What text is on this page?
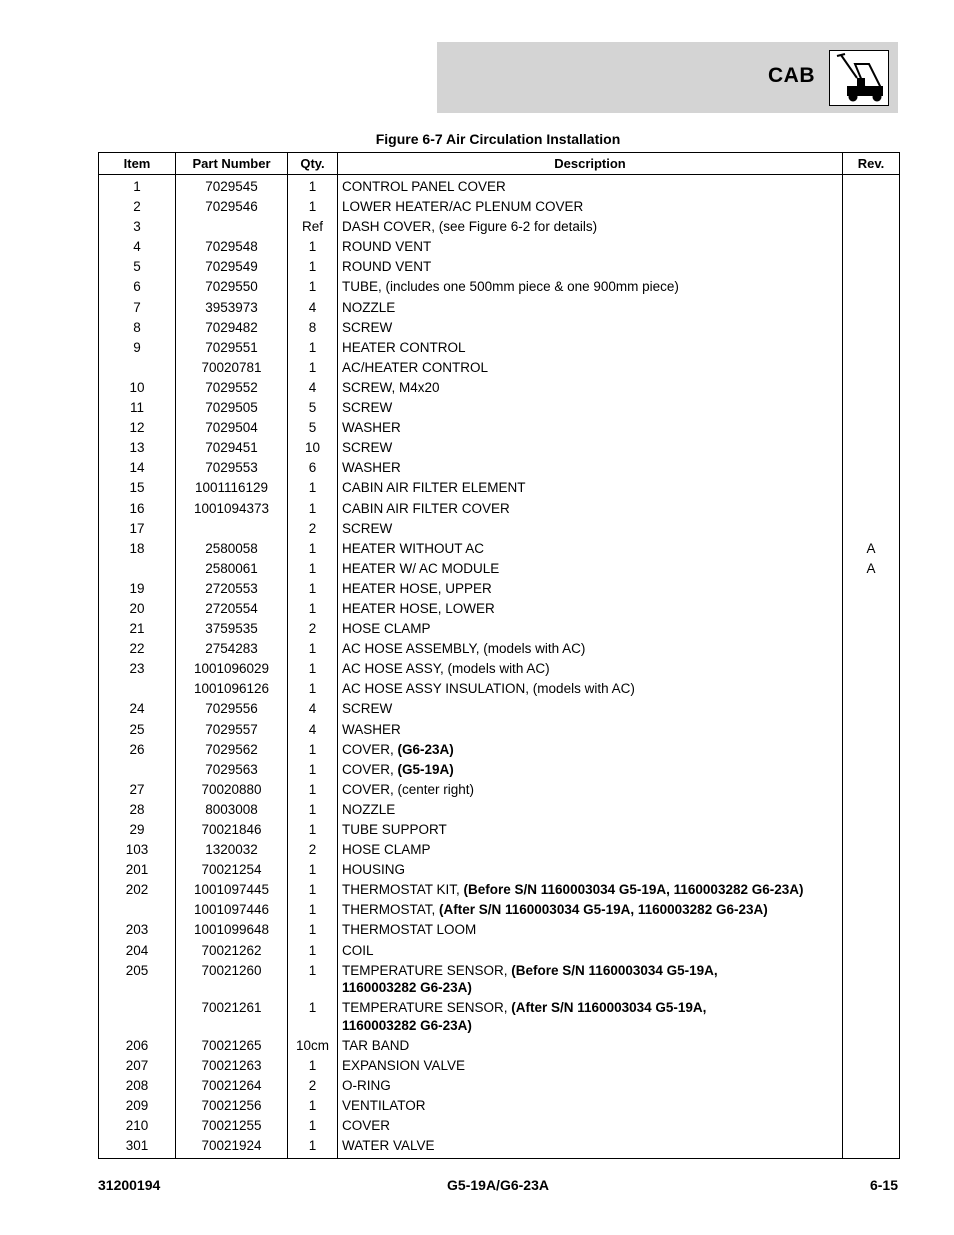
CAB
Figure 6-7 Air Circulation Installation
Item	Part Number	Qty.	Description	Rev.
1	7029545	1	CONTROL PANEL COVER	
2	7029546	1	LOWER HEATER/AC PLENUM COVER	
3		Ref	DASH COVER, (see Figure 6-2 for details)	
4	7029548	1	ROUND VENT	
5	7029549	1	ROUND VENT	
6	7029550	1	TUBE, (includes one 500mm piece & one 900mm piece)	
7	3953973	4	NOZZLE	
8	7029482	8	SCREW	
9	7029551	1	HEATER CONTROL	
	70020781	1	AC/HEATER CONTROL	
10	7029552	4	SCREW, M4x20	
11	7029505	5	SCREW	
12	7029504	5	WASHER	
13	7029451	10	SCREW	
14	7029553	6	WASHER	
15	1001116129	1	CABIN AIR FILTER ELEMENT	
16	1001094373	1	CABIN AIR FILTER COVER	
17		2	SCREW	
18	2580058	1	HEATER WITHOUT AC	A
	2580061	1	HEATER W/ AC MODULE	A
19	2720553	1	HEATER HOSE, UPPER	
20	2720554	1	HEATER HOSE, LOWER	
21	3759535	2	HOSE CLAMP	
22	2754283	1	AC HOSE ASSEMBLY, (models with AC)	
23	1001096029	1	AC HOSE ASSY, (models with AC)	
	1001096126	1	AC HOSE ASSY INSULATION, (models with AC)	
24	7029556	4	SCREW	
25	7029557	4	WASHER	
26	7029562	1	COVER, (G6-23A)	
	7029563	1	COVER, (G5-19A)	
27	70020880	1	COVER, (center right)	
28	8003008	1	NOZZLE	
29	70021846	1	TUBE SUPPORT	
103	1320032	2	HOSE CLAMP	
201	70021254	1	HOUSING	
202	1001097445	1	THERMOSTAT KIT, (Before S/N 1160003034 G5-19A, 1160003282 G6-23A)	
	1001097446	1	THERMOSTAT, (After S/N 1160003034 G5-19A, 1160003282 G6-23A)	
203	1001099648	1	THERMOSTAT LOOM	
204	70021262	1	COIL	
205	70021260	1	TEMPERATURE SENSOR, (Before S/N 1160003034 G5-19A,
1160003282 G6-23A)	
	70021261	1	TEMPERATURE SENSOR, (After S/N 1160003034 G5-19A,
1160003282 G6-23A)	
206	70021265	10cm	TAR BAND	
207	70021263	1	EXPANSION VALVE	
208	70021264	2	O-RING	
209	70021256	1	VENTILATOR	
210	70021255	1	COVER	
301	70021924	1	WATER VALVE	
31200194	G5-19A/G6-23A	6-15
